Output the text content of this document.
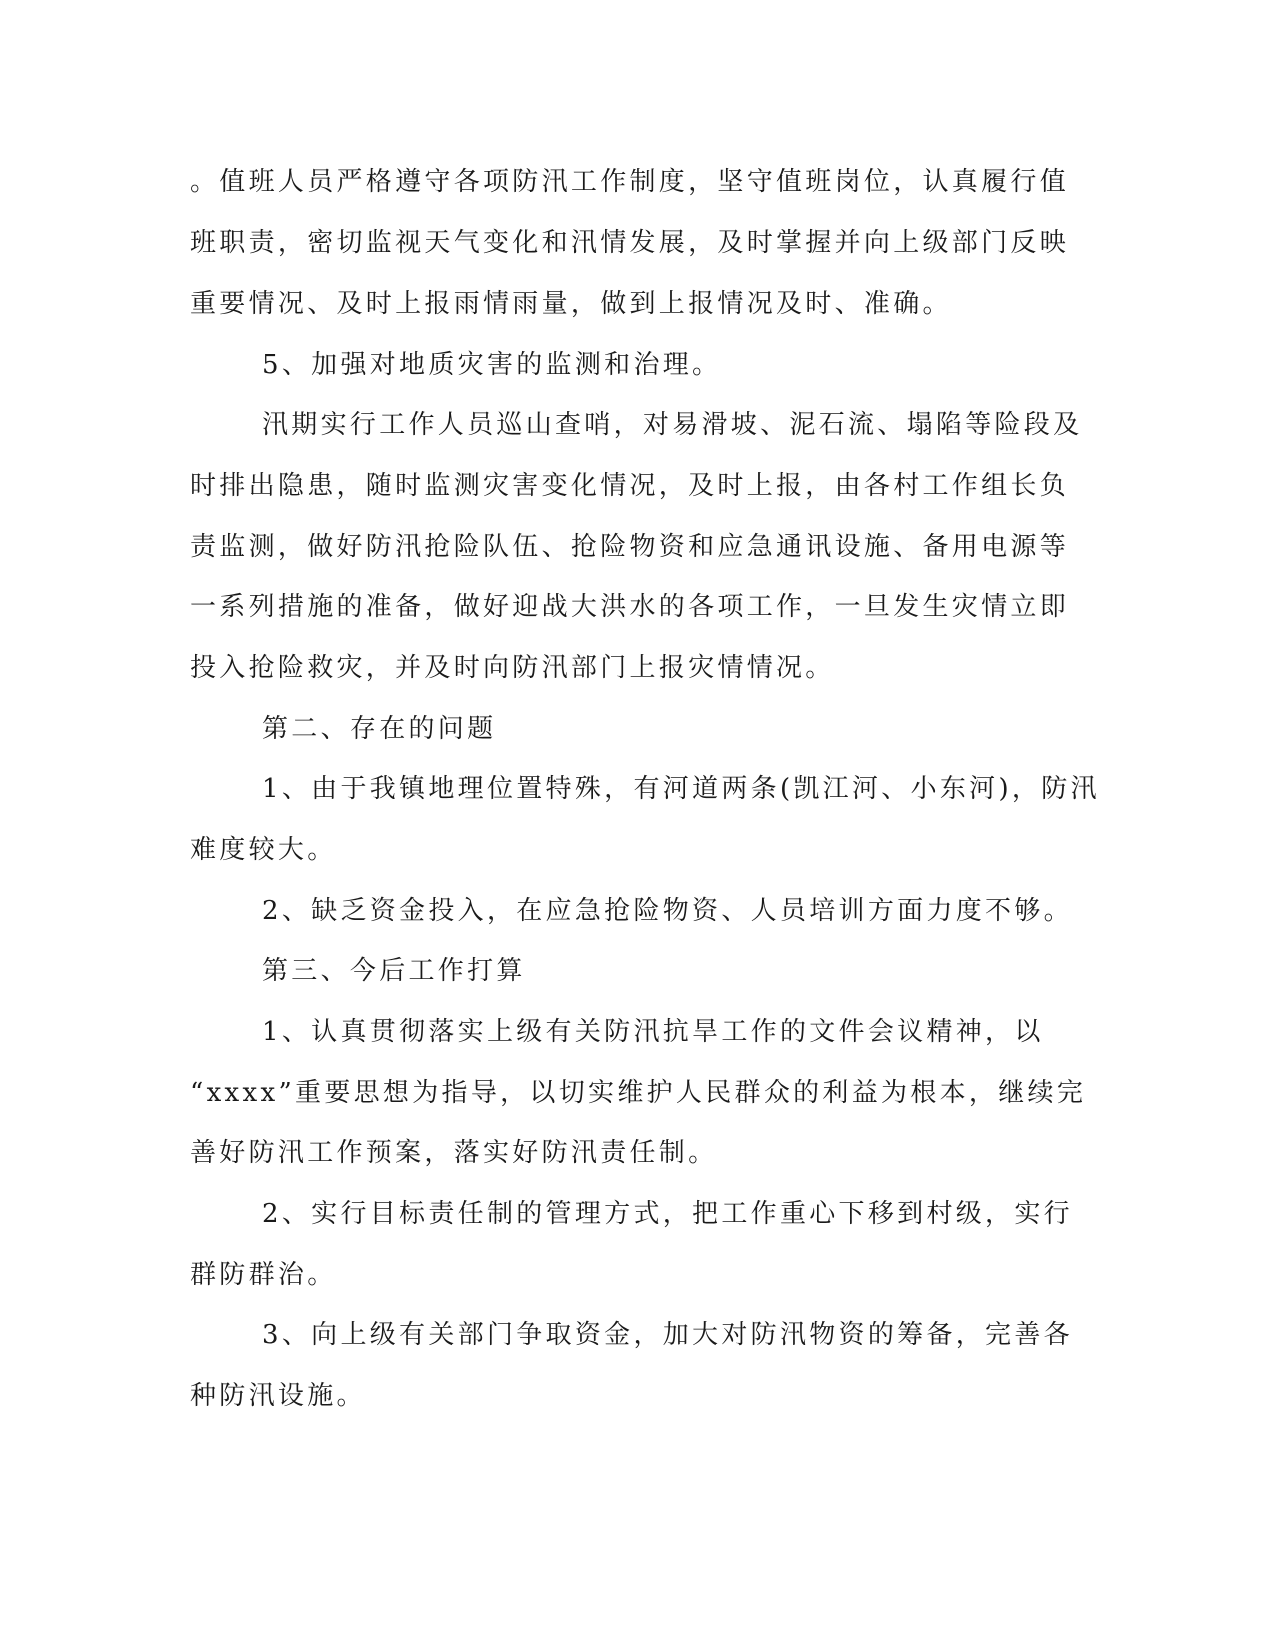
。值班人员严格遵守各项防汛工作制度，坚守值班岗位，认真履行值
班职责，密切监视天气变化和汛情发展，及时掌握并向上级部门反映
重要情况、及时上报雨情雨量，做到上报情况及时、准确。
5、加强对地质灾害的监测和治理。
汛期实行工作人员巡山查哨，对易滑坡、泥石流、塌陷等险段及
时排出隐患，随时监测灾害变化情况，及时上报，由各村工作组长负
责监测，做好防汛抢险队伍、抢险物资和应急通讯设施、备用电源等
一系列措施的准备，做好迎战大洪水的各项工作，一旦发生灾情立即
投入抢险救灾，并及时向防汛部门上报灾情情况。
第二、存在的问题
1、由于我镇地理位置特殊，有河道两条(凯江河、小东河)，防汛
难度较大。
2、缺乏资金投入，在应急抢险物资、人员培训方面力度不够。
第三、今后工作打算
1、认真贯彻落实上级有关防汛抗旱工作的文件会议精神，以
“xxxx”重要思想为指导，以切实维护人民群众的利益为根本，继续完
善好防汛工作预案，落实好防汛责任制。
2、实行目标责任制的管理方式，把工作重心下移到村级，实行
群防群治。
3、向上级有关部门争取资金，加大对防汛物资的筹备，完善各
种防汛设施。
